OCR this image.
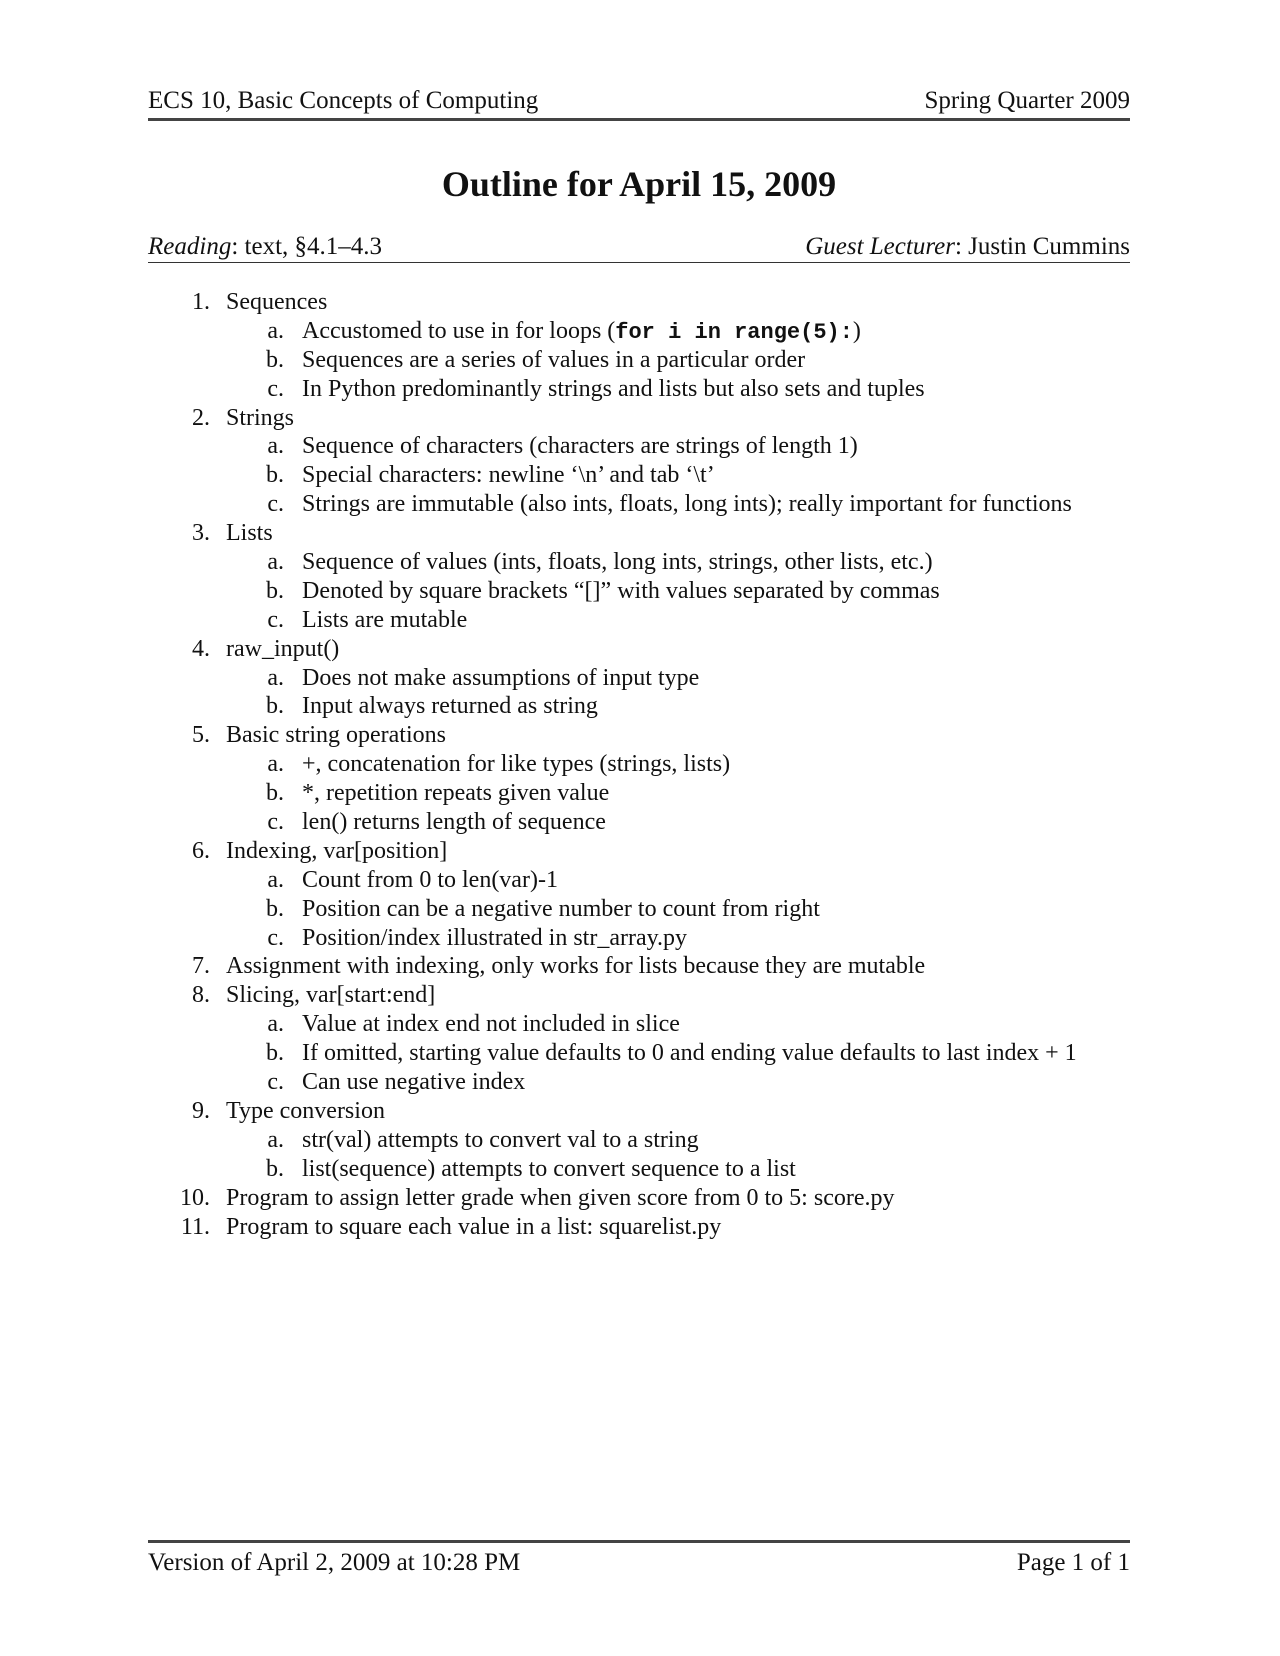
ECS 10, Basic Concepts of Computing	Spring Quarter 2009
Outline for April 15, 2009
Reading: text, §4.1–4.3	Guest Lecturer: Justin Cummins
1. Sequences
a. Accustomed to use in for loops (for i in range(5):)
b. Sequences are a series of values in a particular order
c. In Python predominantly strings and lists but also sets and tuples
2. Strings
a. Sequence of characters (characters are strings of length 1)
b. Special characters: newline ‘\n’ and tab ‘\t’
c. Strings are immutable (also ints, floats, long ints); really important for functions
3. Lists
a. Sequence of values (ints, floats, long ints, strings, other lists, etc.)
b. Denoted by square brackets “[]” with values separated by commas
c. Lists are mutable
4. raw_input()
a. Does not make assumptions of input type
b. Input always returned as string
5. Basic string operations
a. +, concatenation for like types (strings, lists)
b. *, repetition repeats given value
c. len() returns length of sequence
6. Indexing, var[position]
a. Count from 0 to len(var)-1
b. Position can be a negative number to count from right
c. Position/index illustrated in str_array.py
7. Assignment with indexing, only works for lists because they are mutable
8. Slicing, var[start:end]
a. Value at index end not included in slice
b. If omitted, starting value defaults to 0 and ending value defaults to last index + 1
c. Can use negative index
9. Type conversion
a. str(val) attempts to convert val to a string
b. list(sequence) attempts to convert sequence to a list
10. Program to assign letter grade when given score from 0 to 5: score.py
11. Program to square each value in a list: squarelist.py
Version of April 2, 2009 at 10:28 PM	Page 1 of 1
